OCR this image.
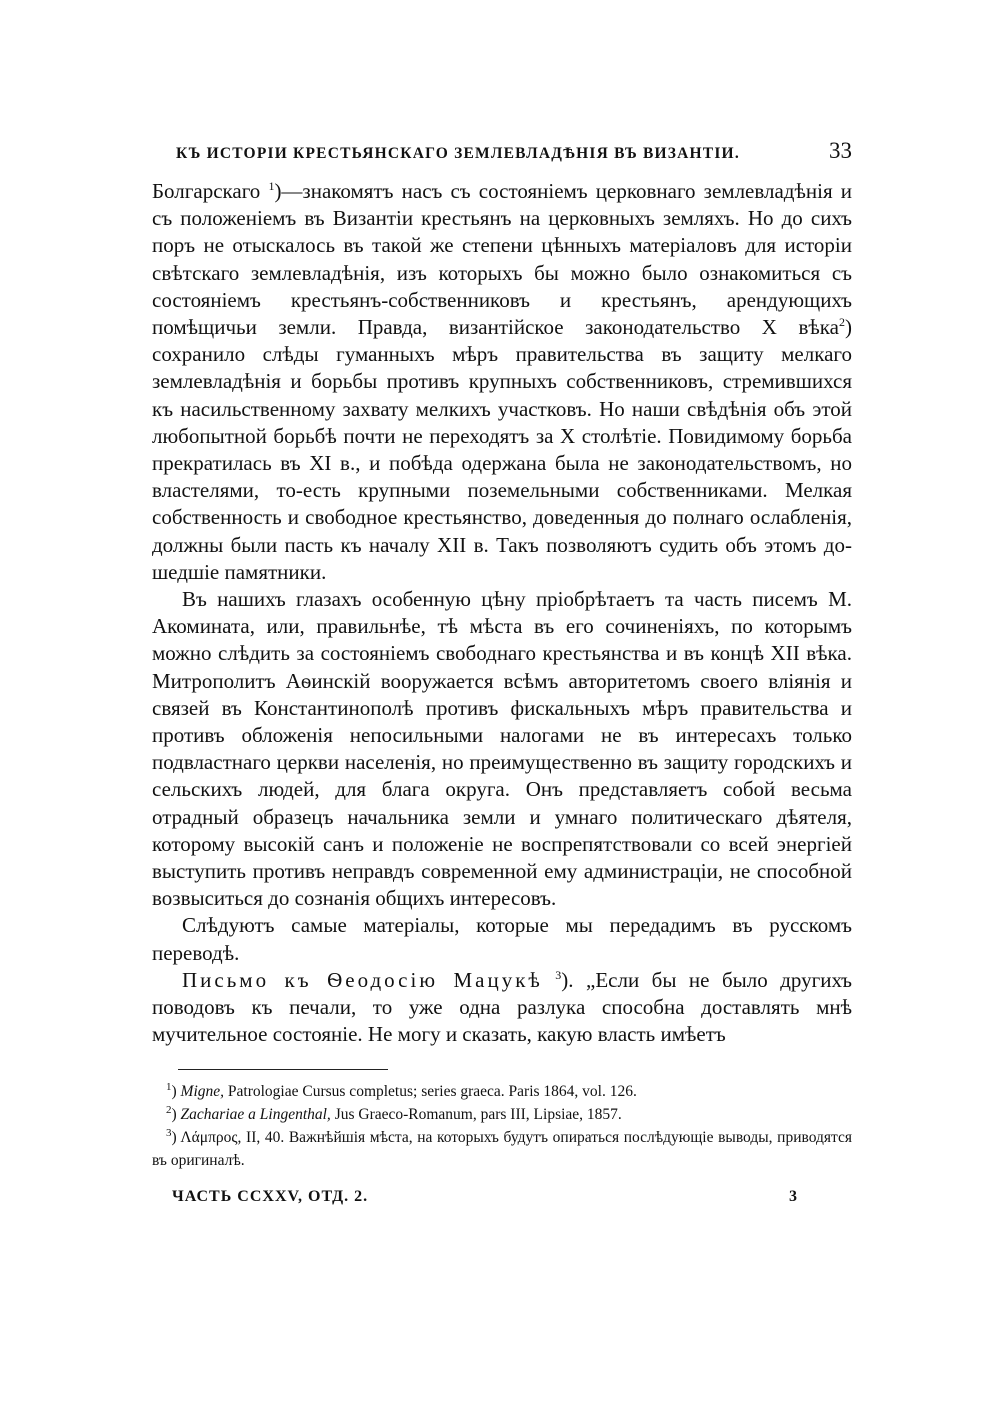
КЪ ИСТОРІИ КРЕСТЬЯНСКАГО ЗЕМЛЕВЛАДѢНІЯ ВЪ ВИЗАНТІИ.	33

Болгарскаго $^1$)—знакомятъ насъ съ состояніемъ церковнаго землевладѣнія и съ положеніемъ въ Византіи крестьянъ на церковныхъ земляхъ. Но до сихъ поръ не отыскалось въ такой же степени цѣнныхъ матеріаловъ для исторіи свѣтскаго землевладѣнія, изъ которыхъ бы можно было ознакомиться съ состояніемъ крестьянъ-собственниковъ и крестьянъ, арендующихъ помѣщичьи земли. Правда, византійское законодательство X вѣка$^2$) сохранило слѣды гуманныхъ мѣръ правительства въ защиту мелкаго землевладѣнія и борьбы противъ крупныхъ собственниковъ, стремившихся къ насильственному захвату мелкихъ участковъ. Но наши свѣдѣнія объ этой любопытной борьбѣ почти не переходятъ за X столѣтіе. Повидимому борьба прекратилась въ XI в., и побѣда одержана была не законодательствомъ, но властелями, то-есть крупными поземельными собственниками. Мелкая собственность и свободное крестьянство, доведенныя до полнаго ослабленія, должны были пасть къ началу XII в. Такъ позволяютъ судить объ этомъ дошедшіе памятники.

Въ нашихъ глазахъ особенную цѣну пріобрѣтаетъ та часть писемъ М. Акомината, или, правильнѣе, тѣ мѣста въ его сочиненіяхъ, по которымъ можно слѣдить за состояніемъ свободнаго крестьянства и въ концѣ XII вѣка. Митрополитъ Аѳинскій вооружается всѣмъ авторитетомъ своего вліянія и связей въ Константинополѣ противъ фискальныхъ мѣръ правительства и противъ обложенія непосильными налогами не въ интересахъ только подвластнаго церкви населенія, но преимущественно въ защиту городскихъ и сельскихъ людей, для блага округа. Онъ представляетъ собой весьма отрадный образецъ начальника земли и умнаго политическаго дѣятеля, которому высокій санъ и положеніе не воспрепятствовали со всей энергіей выступить противъ неправдъ современной ему администраціи, не способной возвыситься до сознанія общихъ интересовъ.

Слѣдуютъ самые матеріалы, которые мы передадимъ въ русскомъ переводѣ.

Письмо къ Ѳеодосію Мацукѣ $^3$). „Если бы не было другихъ поводовъ къ печали, то уже одна разлука способна доставлять мнѣ мучительное состояніе. Не могу и сказать, какую власть имѣетъ

$^1$) Migne, Patrologiae Cursus completus; series graeca. Paris 1864, vol. 126.

$^2$) Zachariae a Lingenthal, Jus Graeco-Romanum, pars III, Lipsiae, 1857.

$^3$) Λάμπρος, II, 40. Важнѣйшія мѣста, на которыхъ будутъ опираться послѣдующіе выводы, приводятся въ оригиналѣ.

ЧАСТЬ CCXXV, ОТД. 2.	3
